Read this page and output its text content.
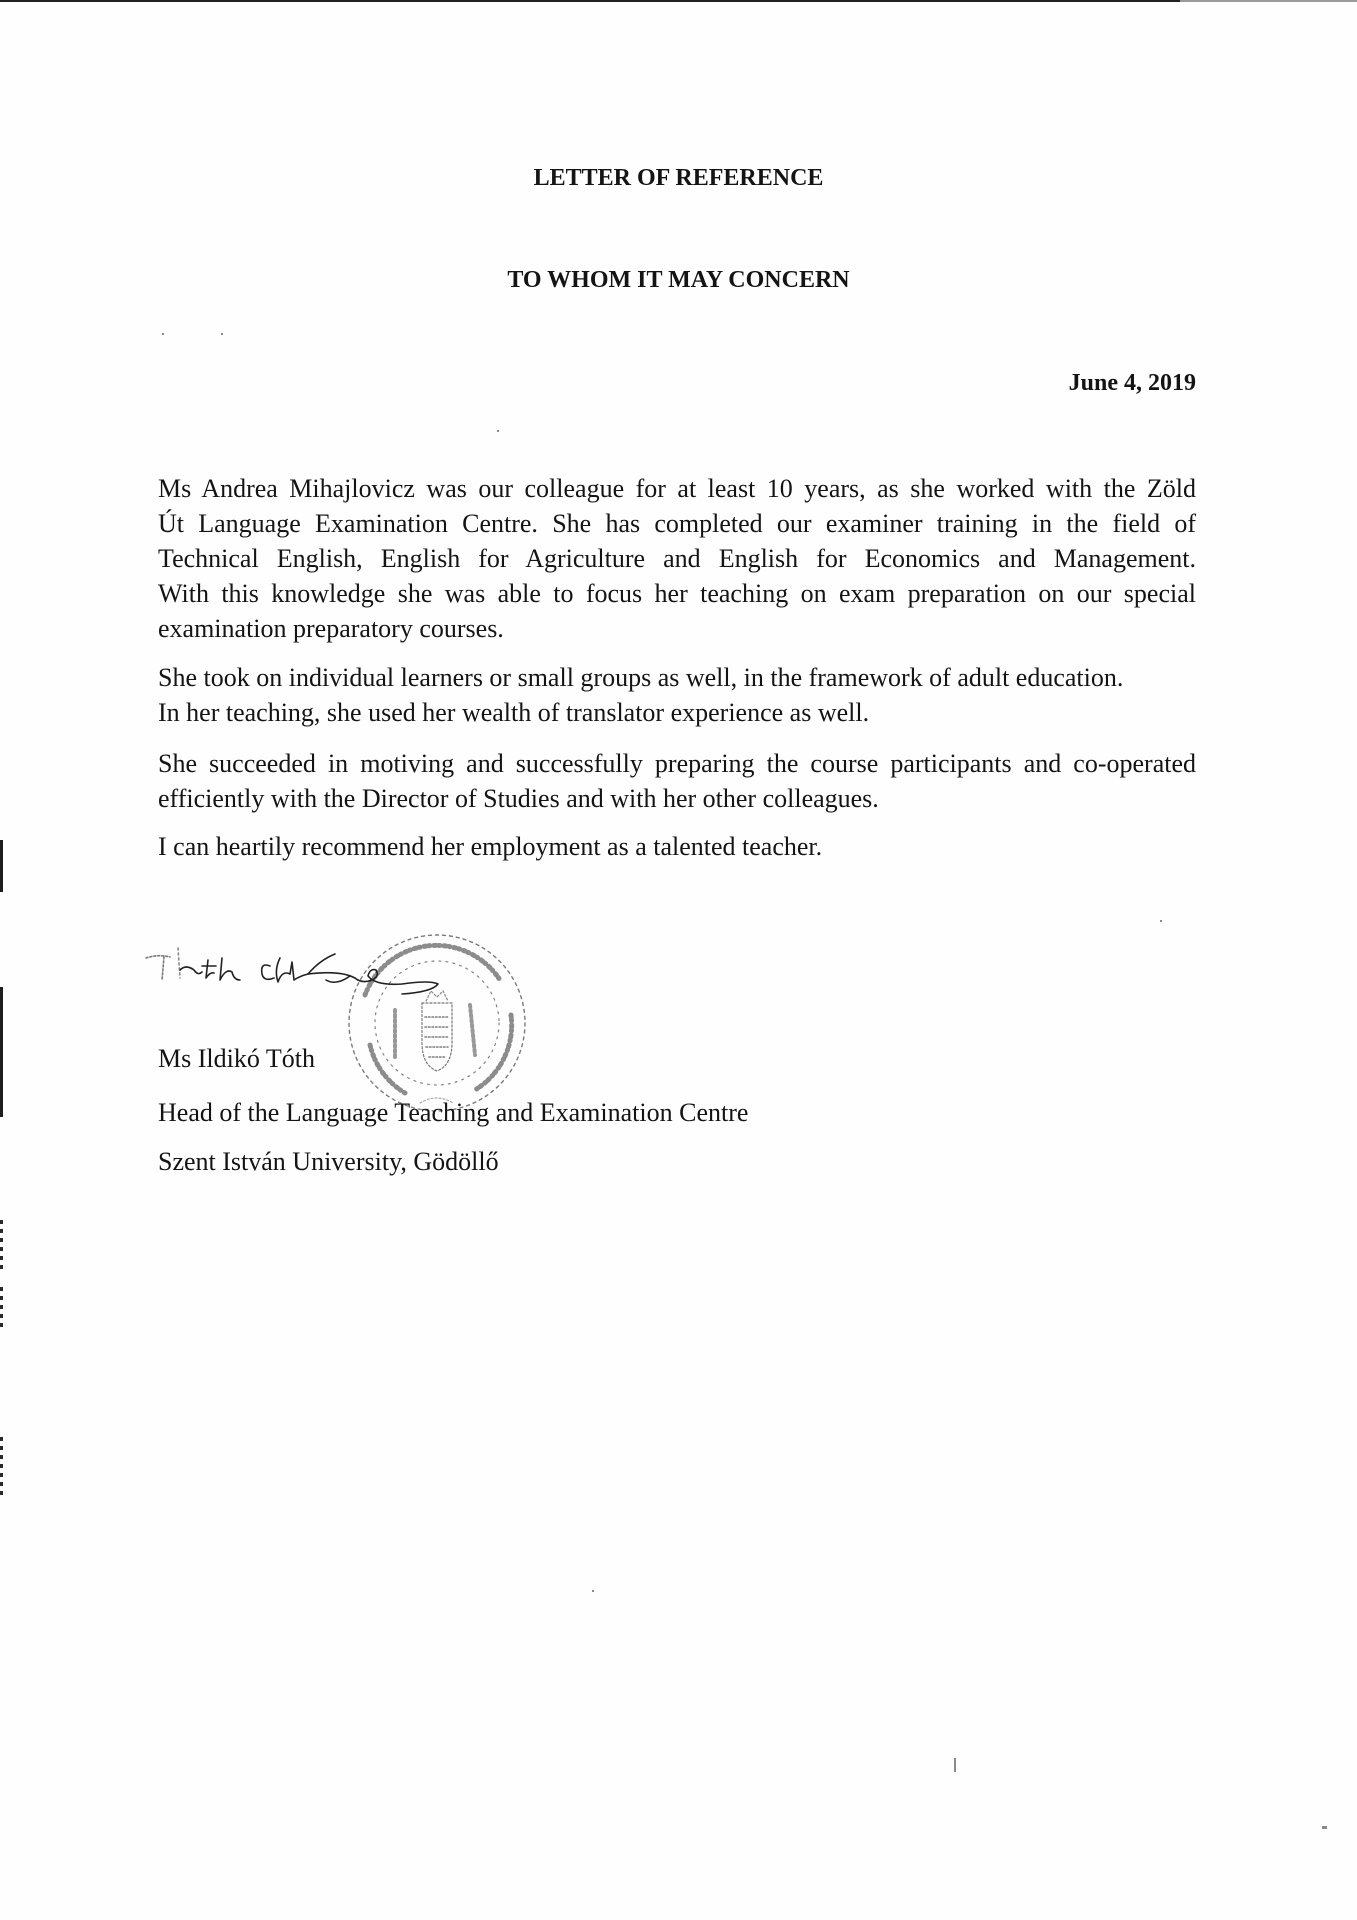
LETTER OF REFERENCE
TO WHOM IT MAY CONCERN
June 4, 2019
Ms Andrea Mihajlovicz was our colleague for at least 10 years, as she worked with the Zöld
Út Language Examination Centre. She has completed our examiner training in the field of
Technical English, English for Agriculture and English for Economics and Management.
With this knowledge she was able to focus her teaching on exam preparation on our special
examination preparatory courses.
She took on individual learners or small groups as well, in the framework of adult education.
In her teaching, she used her wealth of translator experience as well.
She succeeded in motiving and successfully preparing the course participants and co-operated
efficiently with the Director of Studies and with her other colleagues.
I can heartily recommend her employment as a talented teacher.
Ms Ildikó Tóth
Head of the Language Teaching and Examination Centre
Szent István University, Gödöllő
